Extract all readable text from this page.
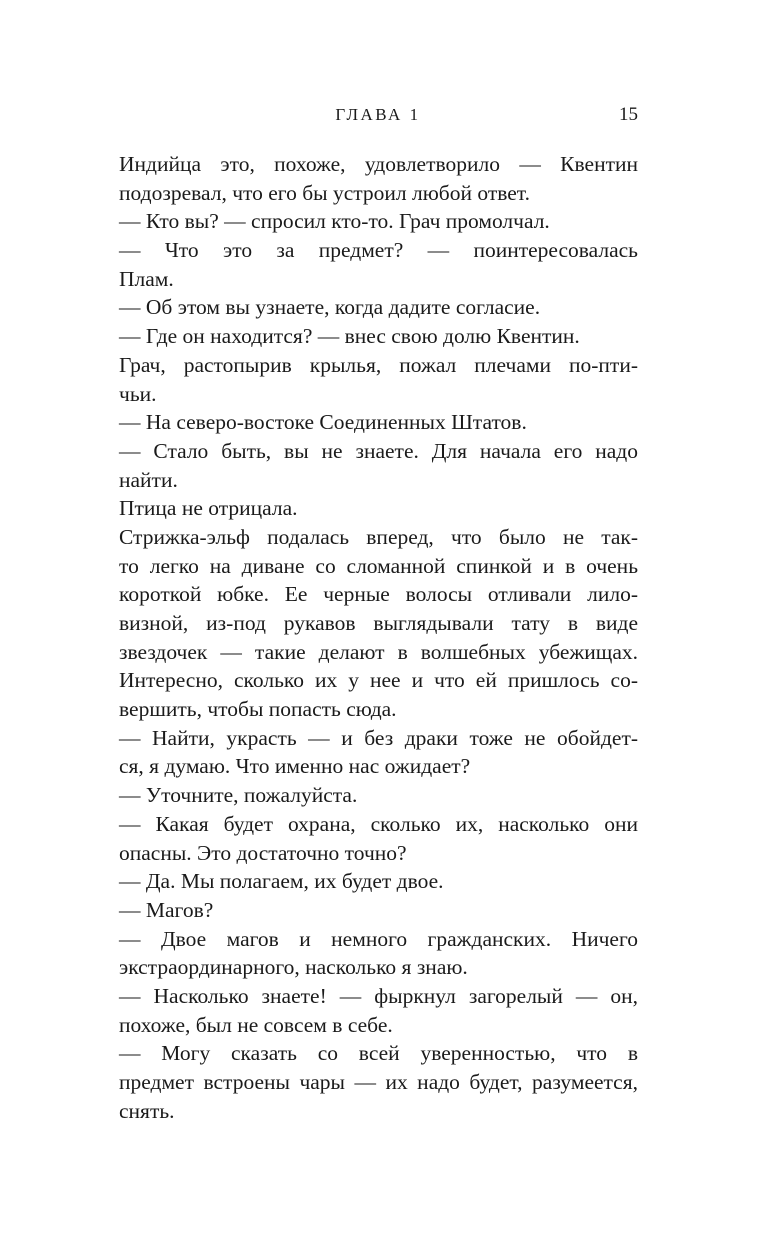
ГЛАВА 1	15

Индийца это, похоже, удовлетворило — Квентин
подозревал, что его бы устроил любой ответ.

— Кто вы? — спросил кто-то. Грач промолчал.

— Что это за предмет? — поинтересовалась
Плам.

— Об этом вы узнаете, когда дадите согласие.

— Где он находится? — внес свою долю Квентин.

Грач, растопырив крылья, пожал плечами по-пти-
чьи.

— На северо-востоке Соединенных Штатов.

— Стало быть, вы не знаете. Для начала его надо
найти.

Птица не отрицала.

Стрижка-эльф подалась вперед, что было не так-
то легко на диване со сломанной спинкой и в очень
короткой юбке. Ее черные волосы отливали лило-
визной, из-под рукавов выглядывали тату в виде
звездочек — такие делают в волшебных убежищах.
Интересно, сколько их у нее и что ей пришлось со-
вершить, чтобы попасть сюда.

— Найти, украсть — и без драки тоже не обойдет-
ся, я думаю. Что именно нас ожидает?

— Уточните, пожалуйста.

— Какая будет охрана, сколько их, насколько они
опасны. Это достаточно точно?

— Да. Мы полагаем, их будет двое.

— Магов?

— Двое магов и немного гражданских. Ничего
экстраординарного, насколько я знаю.

— Насколько знаете! — фыркнул загорелый — он,
похоже, был не совсем в себе.

— Могу сказать со всей уверенностью, что в
предмет встроены чары — их надо будет, разумеется,
снять.
